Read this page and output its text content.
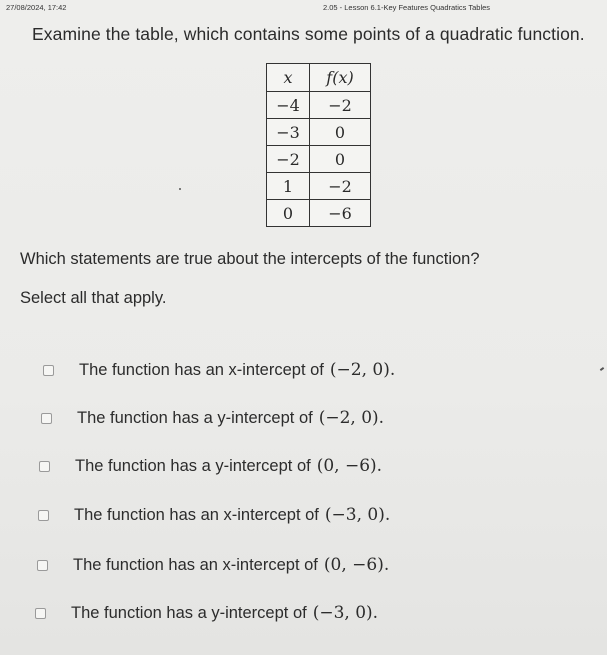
27/08/2024, 17:42	2.05 - Lesson 6.1-Key Features Quadratics Tables
Examine the table, which contains some points of a quadratic function.
x	f(x)
−4	−2
−3	0
−2	0
1	−2
0	−6
Which statements are true about the intercepts of the function?
Select all that apply.
The function has an x-intercept of (−2, 0).
The function has a y-intercept of (−2, 0).
The function has a y-intercept of (0, −6).
The function has an x-intercept of (−3, 0).
The function has an x-intercept of (0, −6).
The function has a y-intercept of (−3, 0).
